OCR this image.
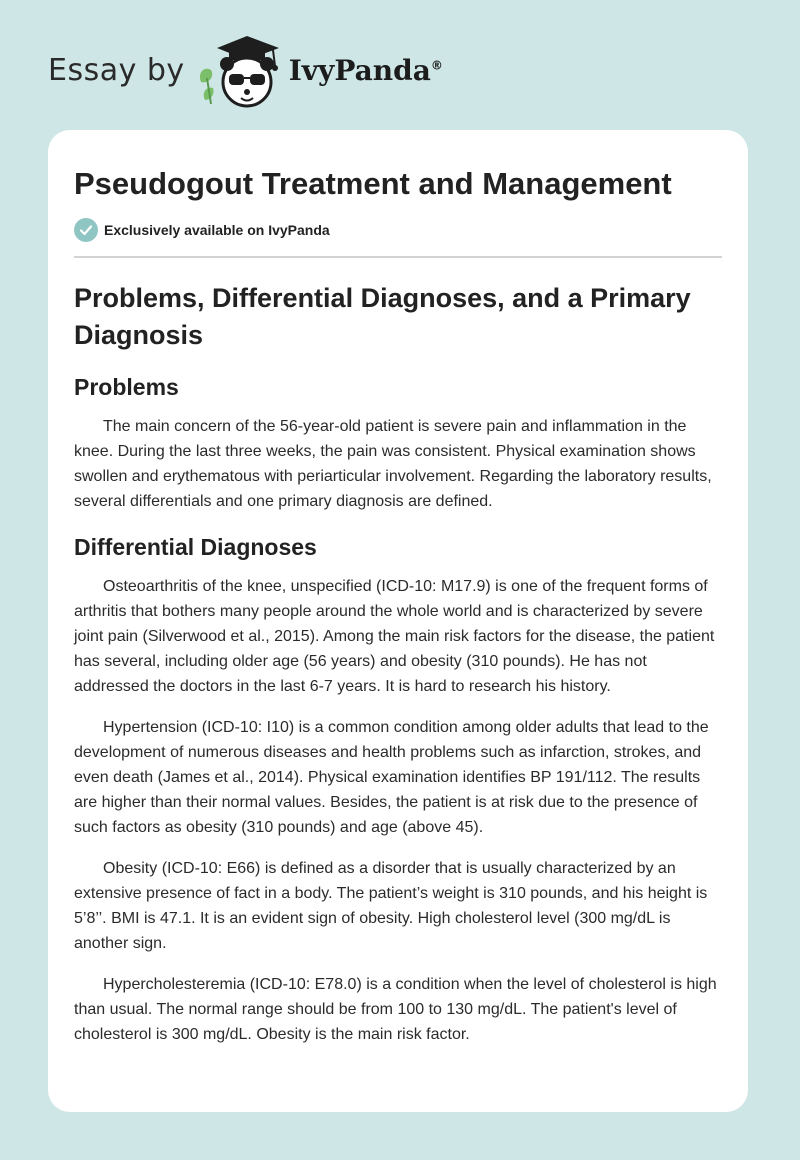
Essay by	IvyPanda®
Pseudogout Treatment and Management
Exclusively available on IvyPanda
Problems, Differential Diagnoses, and a Primary Diagnosis
Problems

The main concern of the 56-year-old patient is severe pain and inflammation in the knee. During the last three weeks, the pain was consistent. Physical examination shows swollen and erythematous with periarticular involvement. Regarding the laboratory results, several differentials and one primary diagnosis are defined.

Differential Diagnoses

Osteoarthritis of the knee, unspecified (ICD-10: M17.9) is one of the frequent forms of arthritis that bothers many people around the whole world and is characterized by severe joint pain (Silverwood et al., 2015). Among the main risk factors for the disease, the patient has several, including older age (56 years) and obesity (310 pounds). He has not addressed the doctors in the last 6-7 years. It is hard to research his history.

Hypertension (ICD-10: I10) is a common condition among older adults that lead to the development of numerous diseases and health problems such as infarction, strokes, and even death (James et al., 2014). Physical examination identifies BP 191/112. The results are higher than their normal values. Besides, the patient is at risk due to the presence of such factors as obesity (310 pounds) and age (above 45).

Obesity (ICD-10: E66) is defined as a disorder that is usually characterized by an extensive presence of fact in a body. The patient’s weight is 310 pounds, and his height is 5’8’’. BMI is 47.1. It is an evident sign of obesity. High cholesterol level (300 mg/dL is another sign.

Hypercholesteremia (ICD-10: E78.0) is a condition when the level of cholesterol is high than usual. The normal range should be from 100 to 130 mg/dL. The patient's level of cholesterol is 300 mg/dL. Obesity is the main risk factor.
